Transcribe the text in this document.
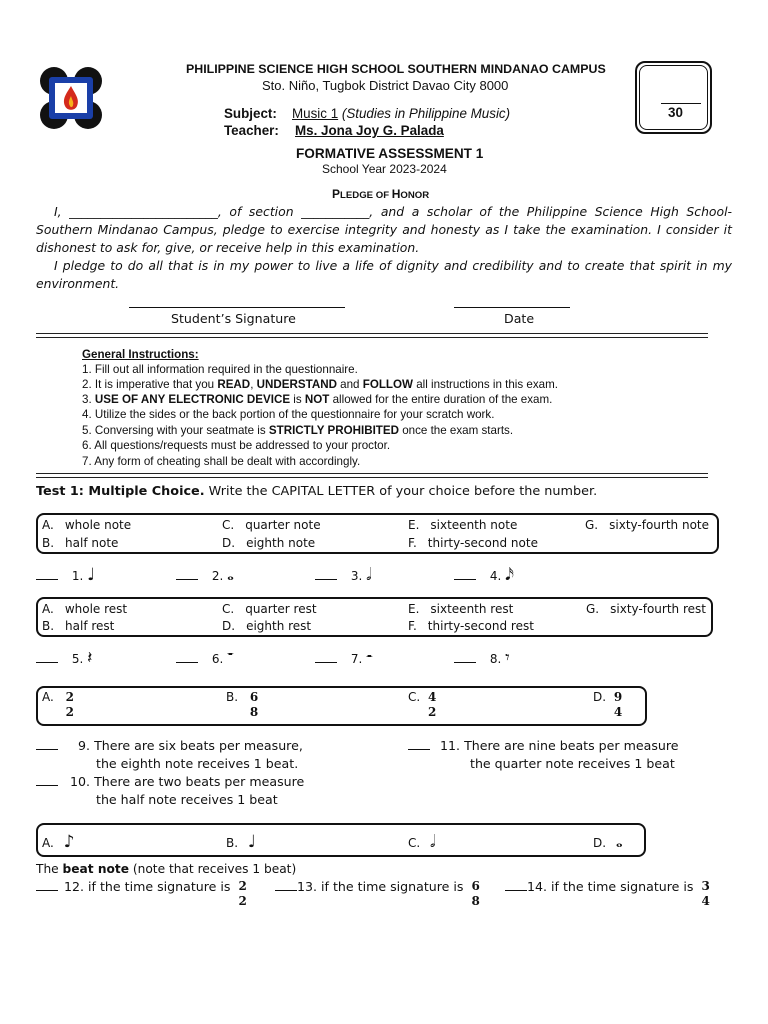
PHILIPPINE SCIENCE HIGH SCHOOL SOUTHERN MINDANAO CAMPUS
Sto. Niño, Tugbok District Davao City 8000
Subject: Music 1 (Studies in Philippine Music)
Teacher: Ms. Jona Joy G. Palada
FORMATIVE ASSESSMENT 1
School Year 2023-2024
30
PLEDGE OF HONOR
I, ________________________, of section ___________, and a scholar of the Philippine Science High School-Southern Mindanao Campus, pledge to exercise integrity and honesty as I take the examination. I consider it dishonest to ask for, give, or receive help in this examination.
I pledge to do all that is in my power to live a life of dignity and credibility and to create that spirit in my environment.
Student’s Signature	Date
General Instructions:
1. Fill out all information required in the questionnaire.
2. It is imperative that you READ, UNDERSTAND and FOLLOW all instructions in this exam.
3. USE OF ANY ELECTRONIC DEVICE is NOT allowed for the entire duration of the exam.
4. Utilize the sides or the back portion of the questionnaire for your scratch work.
5. Conversing with your seatmate is STRICTLY PROHIBITED once the exam starts.
6. All questions/requests must be addressed to your proctor.
7. Any form of cheating shall be dealt with accordingly.
Test 1: Multiple Choice. Write the CAPITAL LETTER of your choice before the number.
A. whole note
B. half note
C. quarter note
D. eighth note
E. sixteenth note
F. thirty-second note
G. sixty-fourth note
1. ♩	2. 𝅝	3. 𝅗𝅥	4. 𝅘𝅥𝅯
A. whole rest
B. half rest
C. quarter rest
D. eighth rest
E. sixteenth rest
F. thirty-second rest
G. sixty-fourth rest
5. 𝄽	6. 𝄻	7. 𝄼	8. 𝄾
A. 2
2
B. 6
8
C. 4
2
D. 9
4
9. There are six beats per measure,
the eighth note receives 1 beat.
10. There are two beats per measure
the half note receives 1 beat
11. There are nine beats per measure
the quarter note receives 1 beat
A. ♪	B. ♩	C. 𝅗𝅥	D. 𝅝
The beat note (note that receives 1 beat)
12. if the time signature is 2
2
13. if the time signature is 6
8
14. if the time signature is 3
4
